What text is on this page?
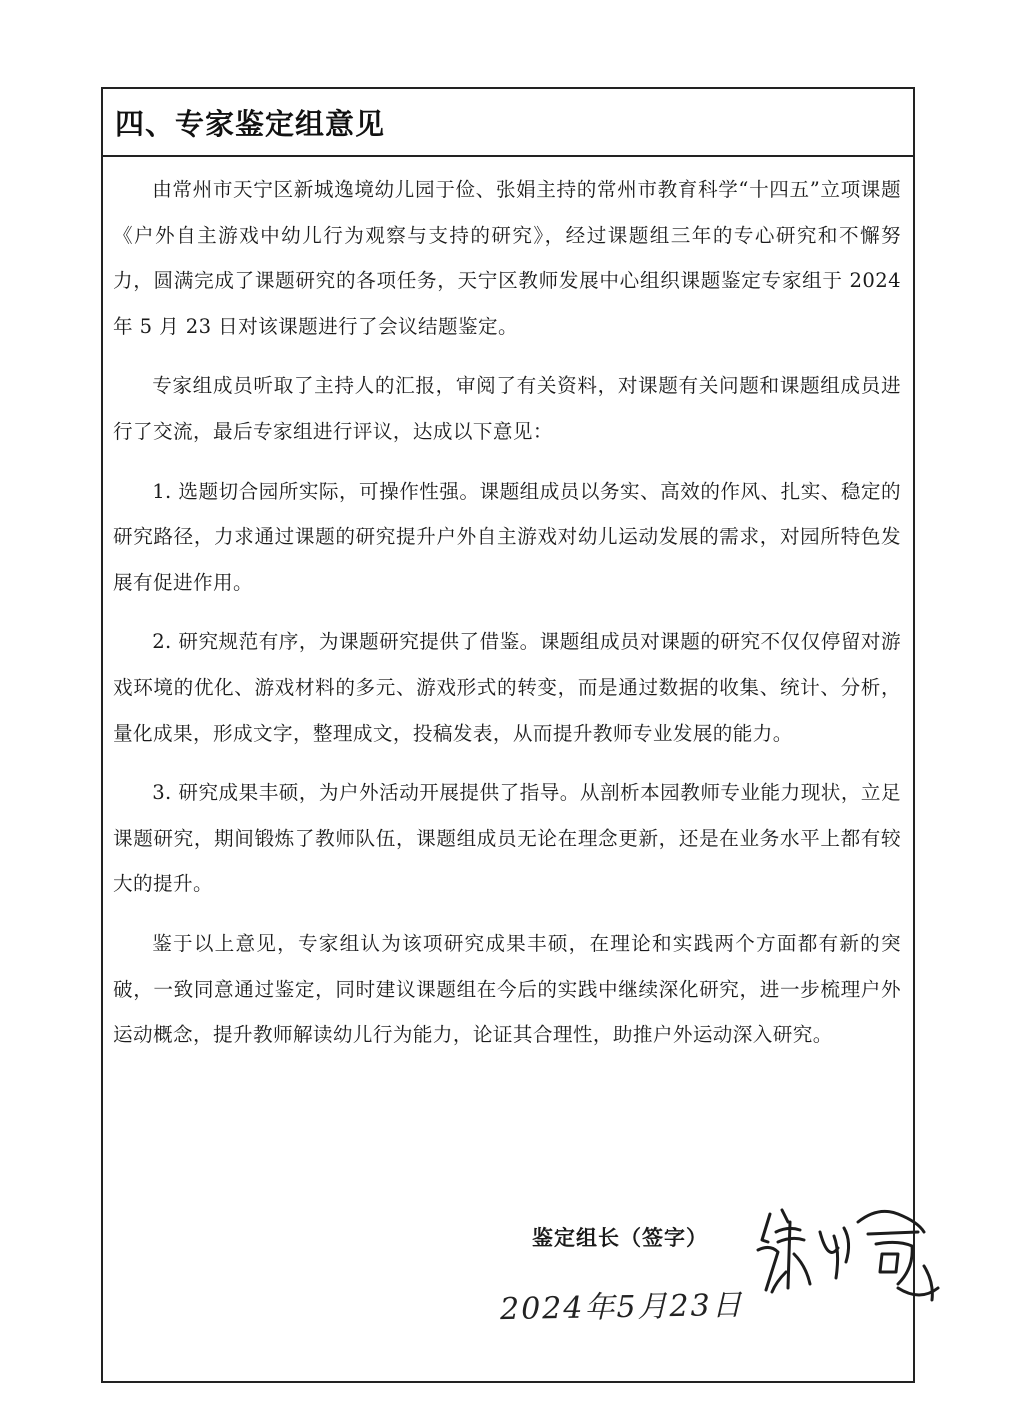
四、专家鉴定组意见

由常州市天宁区新城逸境幼儿园于俭、张娟主持的常州市教育科学“十四五”立项课题《户外自主游戏中幼儿行为观察与支持的研究》，经过课题组三年的专心研究和不懈努力，圆满完成了课题研究的各项任务，天宁区教师发展中心组织课题鉴定专家组于 2024 年 5 月 23 日对该课题进行了会议结题鉴定。

专家组成员听取了主持人的汇报，审阅了有关资料，对课题有关问题和课题组成员进行了交流，最后专家组进行评议，达成以下意见：

1. 选题切合园所实际，可操作性强。课题组成员以务实、高效的作风、扎实、稳定的研究路径，力求通过课题的研究提升户外自主游戏对幼儿运动发展的需求，对园所特色发展有促进作用。

2. 研究规范有序，为课题研究提供了借鉴。课题组成员对课题的研究不仅仅停留对游戏环境的优化、游戏材料的多元、游戏形式的转变，而是通过数据的收集、统计、分析，量化成果，形成文字，整理成文，投稿发表，从而提升教师专业发展的能力。

3. 研究成果丰硕，为户外活动开展提供了指导。从剖析本园教师专业能力现状，立足课题研究，期间锻炼了教师队伍，课题组成员无论在理念更新，还是在业务水平上都有较大的提升。

鉴于以上意见，专家组认为该项研究成果丰硕，在理论和实践两个方面都有新的突破，一致同意通过鉴定，同时建议课题组在今后的实践中继续深化研究，进一步梳理户外运动概念，提升教师解读幼儿行为能力，论证其合理性，助推户外运动深入研究。

鉴定组长（签字）
2024年5月23日
